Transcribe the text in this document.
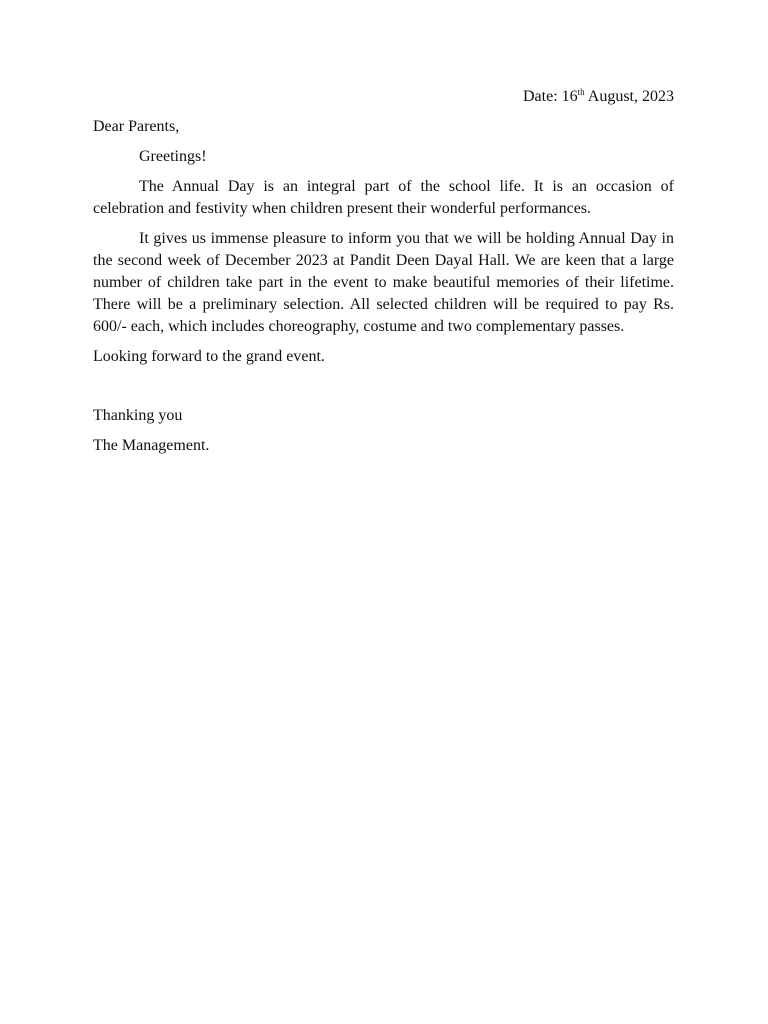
Date: 16th August, 2023

Dear Parents,

Greetings!

The Annual Day is an integral part of the school life. It is an occasion of celebration and festivity when children present their wonderful performances.

It gives us immense pleasure to inform you that we will be holding Annual Day in the second week of December 2023 at Pandit Deen Dayal Hall. We are keen that a large number of children take part in the event to make beautiful memories of their lifetime. There will be a preliminary selection. All selected children will be required to pay Rs. 600/- each, which includes choreography, costume and two complementary passes.

Looking forward to the grand event.

Thanking you

The Management.
